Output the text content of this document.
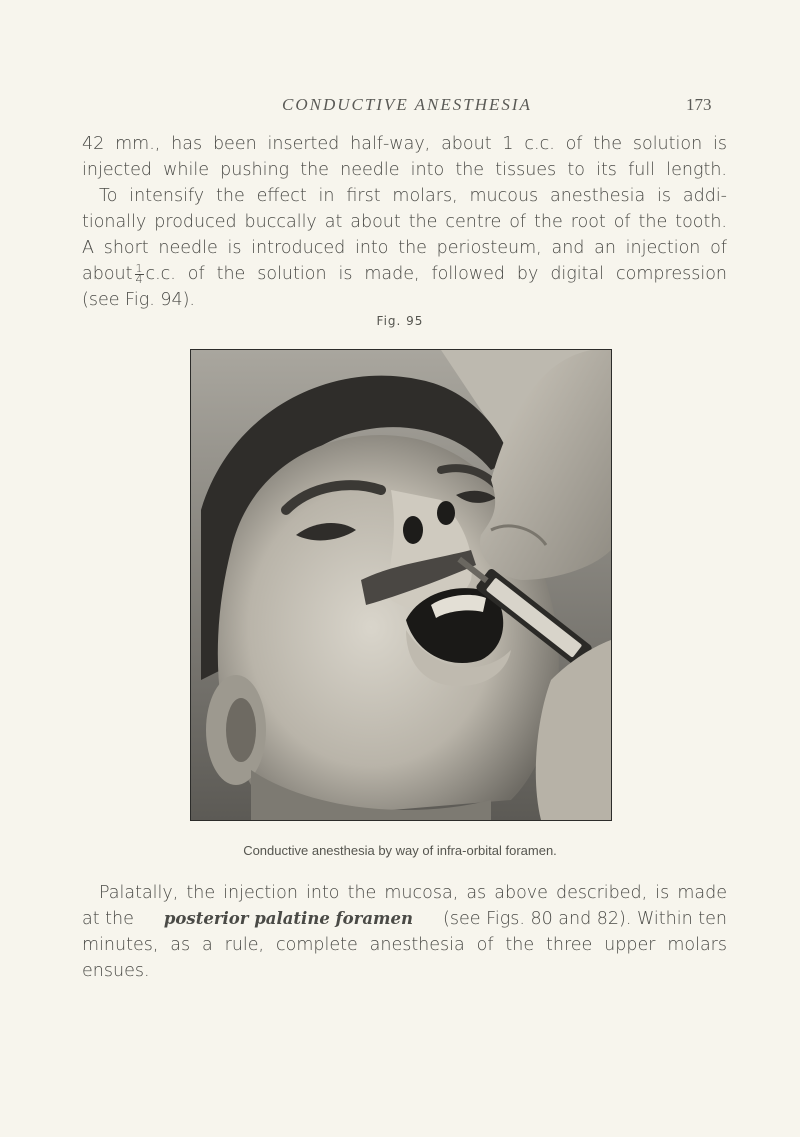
CONDUCTIVE ANESTHESIA	173
42 mm., has been inserted half-way, about 1 c.c. of the solution is
injected while pushing the needle into the tissues to its full length.
To intensify the effect in first molars, mucous anesthesia is addi-
tionally produced buccally at about the centre of the root of the tooth.
A short needle is introduced into the periosteum, and an injection of
about $\frac{1}{4} c.c$. of the solution is made, followed by digital compression
(see Fig. 94).
Fig. 95
Conductive anesthesia by way of infra-orbital foramen.
Palatally, the injection into the mucosa, as above described, is made
at the posterior palatine foramen (see Figs. 80 and 82). Within ten
minutes, as a rule, complete anesthesia of the three upper molars
ensues.
